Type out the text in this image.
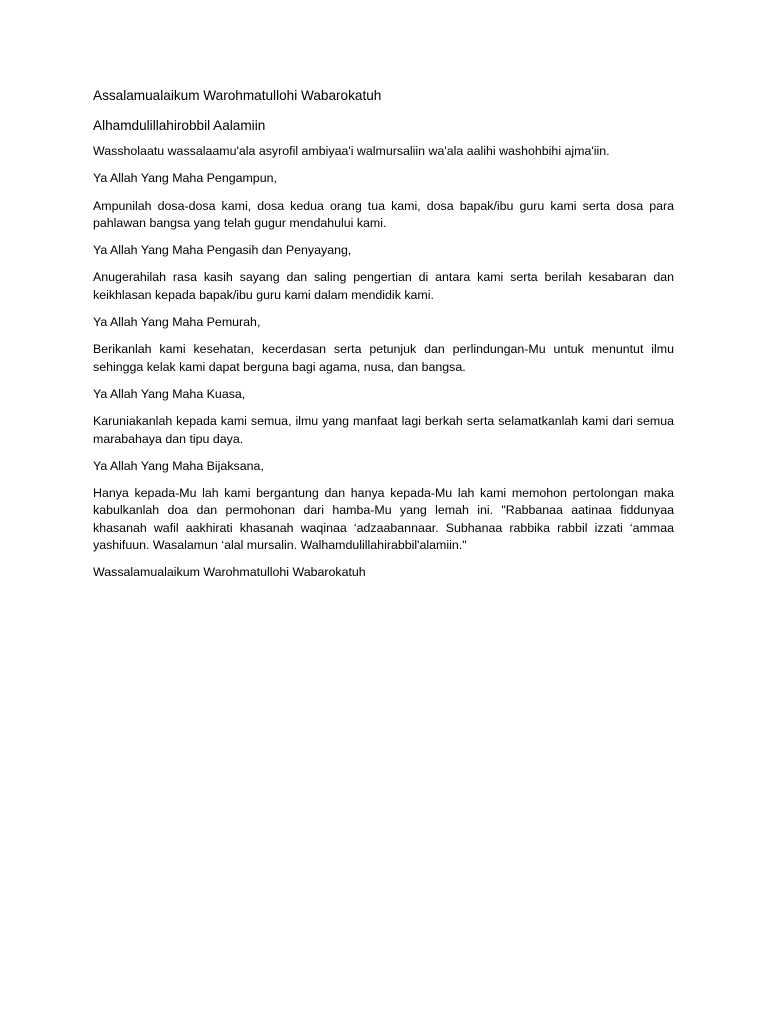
Assalamualaikum Warohmatullohi Wabarokatuh

Alhamdulillahirobbil Aalamiin

Wassholaatu wassalaamu'ala asyrofil ambiyaa'i walmursaliin wa'ala aalihi washohbihi ajma'iin.

Ya Allah Yang Maha Pengampun,

Ampunilah dosa-dosa kami, dosa kedua orang tua kami, dosa bapak/ibu guru kami serta dosa para pahlawan bangsa yang telah gugur mendahului kami.

Ya Allah Yang Maha Pengasih dan Penyayang,

Anugerahilah rasa kasih sayang dan saling pengertian di antara kami serta berilah kesabaran dan keikhlasan kepada bapak/ibu guru kami dalam mendidik kami.

Ya Allah Yang Maha Pemurah,

Berikanlah kami kesehatan, kecerdasan serta petunjuk dan perlindungan-Mu untuk menuntut ilmu sehingga kelak kami dapat berguna bagi agama, nusa, dan bangsa.

Ya Allah Yang Maha Kuasa,

Karuniakanlah kepada kami semua, ilmu yang manfaat lagi berkah serta selamatkanlah kami dari semua marabahaya dan tipu daya.

Ya Allah Yang Maha Bijaksana,

Hanya kepada-Mu lah kami bergantung dan hanya kepada-Mu lah kami memohon pertolongan maka kabulkanlah doa dan permohonan dari hamba-Mu yang lemah ini. "Rabbanaa aatinaa fiddunyaa khasanah wafil aakhirati khasanah waqinaa ‘adzaabannaar. Subhanaa rabbika rabbil izzati ‘ammaa yashifuun. Wasalamun ‘alal mursalin. Walhamdulillahirabbil'alamiin."

Wassalamualaikum Warohmatullohi Wabarokatuh
